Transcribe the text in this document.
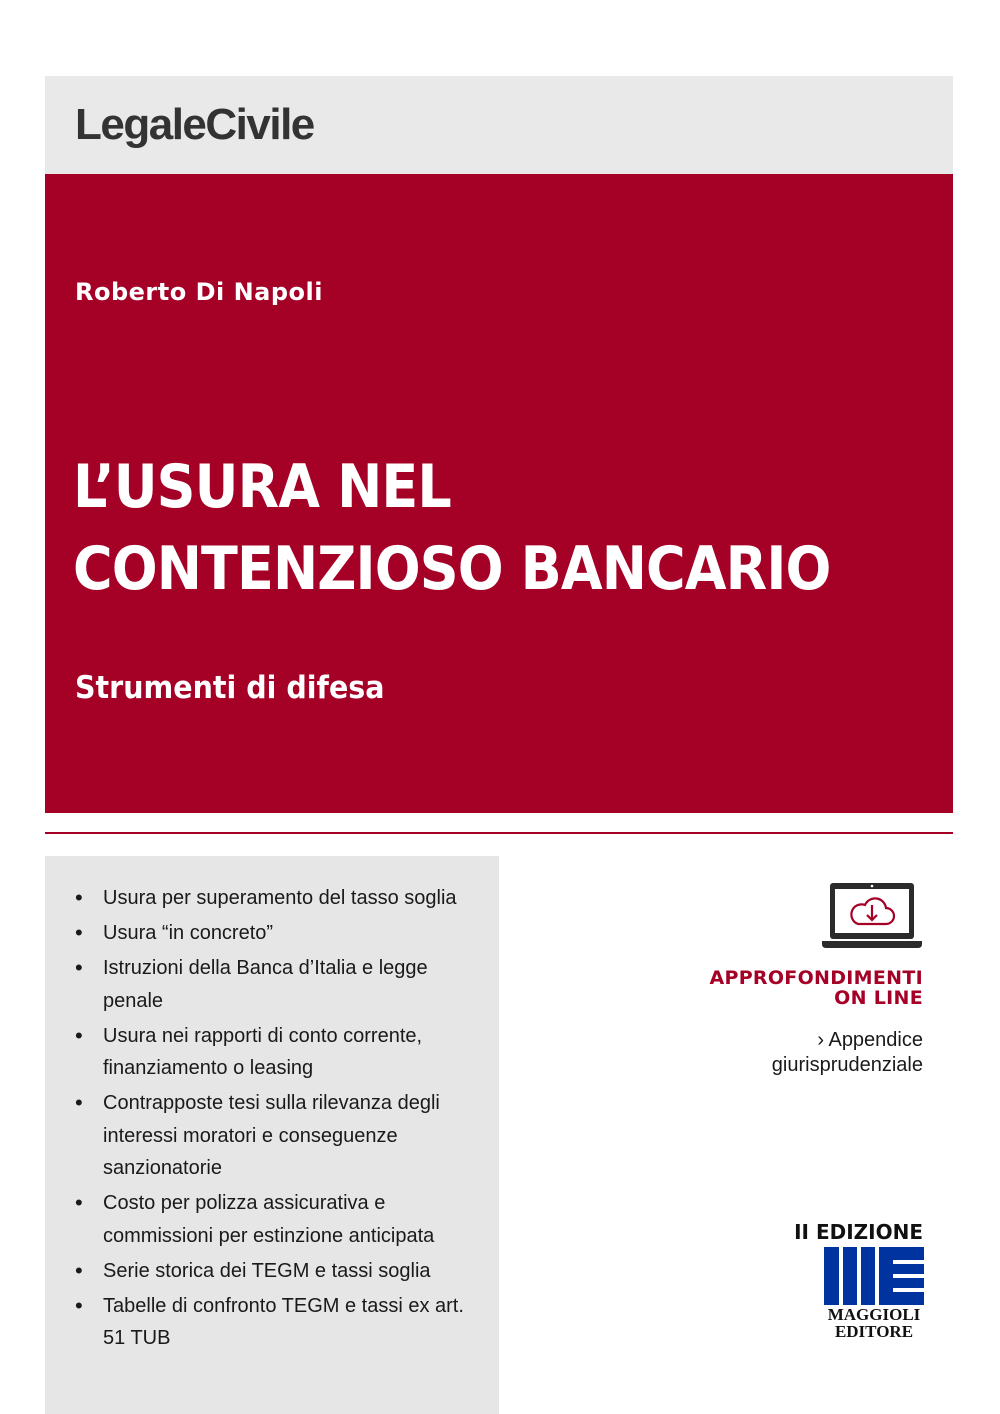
LegaleCivile
Roberto Di Napoli
L’USURA NEL
CONTENZIOSO BANCARIO
Strumenti di difesa
• Usura per superamento del tasso soglia
• Usura “in concreto”
• Istruzioni della Banca d’Italia e legge penale
• Usura nei rapporti di conto corrente, finanziamento o leasing
• Contrapposte tesi sulla rilevanza degli interessi moratori e conseguenze sanzionatorie
• Costo per polizza assicurativa e commissioni per estinzione anticipata
• Serie storica dei TEGM e tassi soglia
• Tabelle di confronto TEGM e tassi ex art. 51 TUB
APPROFONDIMENTI
ON LINE
› Appendice
giurisprudenziale
II EDIZIONE
MAGGIOLI
EDITORE
